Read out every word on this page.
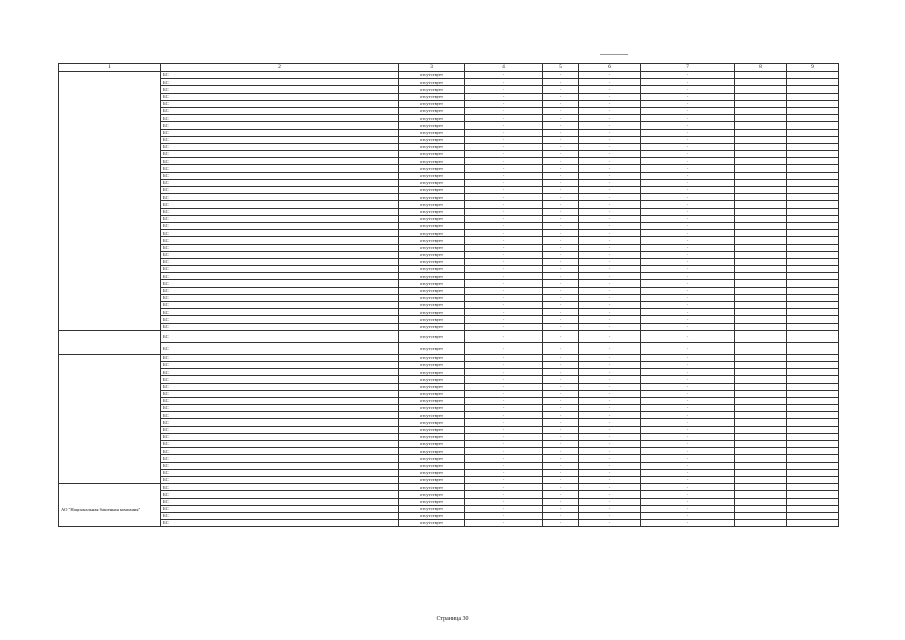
1	2	3	4	5	6	7	8	9
	БС	отсутствует	-	-	-	-		
	БС	отсутствует	-	-	-	-		
	БС	отсутствует	-	-	-	-		
	БС	отсутствует	-	-	-	-		
	БС	отсутствует	-	-	-	-		
	БС	отсутствует	-	-	-	-		
	БС	отсутствует	-	-	-	-		
	БС	отсутствует	-	-	-	-		
	БС	отсутствует	-	-	-	-		
	БС	отсутствует	-	-	-	-		
	БС	отсутствует	-	-	-	-		
	БС	отсутствует	-	-	-	-		
	БС	отсутствует	-	-	-	-		
	БС	отсутствует	-	-	-	-		
	БС	отсутствует	-	-	-	-		
	БС	отсутствует	-	-	-	-		
	БС	отсутствует	-	-	-	-		
	БС	отсутствует	-	-	-	-		
	БС	отсутствует	-	-	-	-		
	БС	отсутствует	-	-	-	-		
	БС	отсутствует	-	-	-	-		
	БС	отсутствует	-	-	-	-		
	БС	отсутствует	-	-	-	-		
	БС	отсутствует	-	-	-	-		
	БС	отсутствует	-	-	-	-		
	БС	отсутствует	-	-	-	-		
	БС	отсутствует	-	-	-	-		
	БС	отсутствует	-	-	-	-		
	БС	отсутствует	-	-	-	-		
	БС	отсутствует	-	-	-	-		
	БС	отсутствует	-	-	-	-		
	БС	отсутствует	-	-	-	-		
	БС	отсутствует	-	-	-	-		
	БС	отсутствует	-	-	-	-		
	БС	отсутствует	-	-	-	-		
	БС	отсутствует	-	-	-	-		
	БС	отсутствует	-	-	-	-		
	БС	отсутствует	-	-	-	-		
	БС	отсутствует	-	-	-	-		
	БС	отсутствует	-	-	-	-		
	БС	отсутствует	-	-	-	-		
	БС	отсутствует	-	-	-	-		
	БС	отсутствует	-	-	-	-		
	БС	отсутствует	-	-	-	-		
	БС	отсутствует	-	-	-	-		
	БС	отсутствует	-	-	-	-		
	БС	отсутствует	-	-	-	-		
	БС	отсутствует	-	-	-	-		
	БС	отсутствует	-	-	-	-		
	БС	отсутствует	-	-	-	-		
	БС	отсутствует	-	-	-	-		
	БС	отсутствует	-	-	-	-		
	БС	отсутствует	-	-	-	-		
	БС	отсутствует	-	-	-	-		
	БС	отсутствует	-	-	-	-		
	БС	отсутствует	-	-	-	-		
АО "Национальная башенная компания"	БС	отсутствует	-	-	-	-		
	БС	отсутствует	-	-	-	-		
	БС	отсутствует	-	-	-	-		
	БС	отсутствует	-	-	-	-		
	БС	отсутствует	-	-	-	-		
	БС	отсутствует	-	-	-	-		
Страница 30
